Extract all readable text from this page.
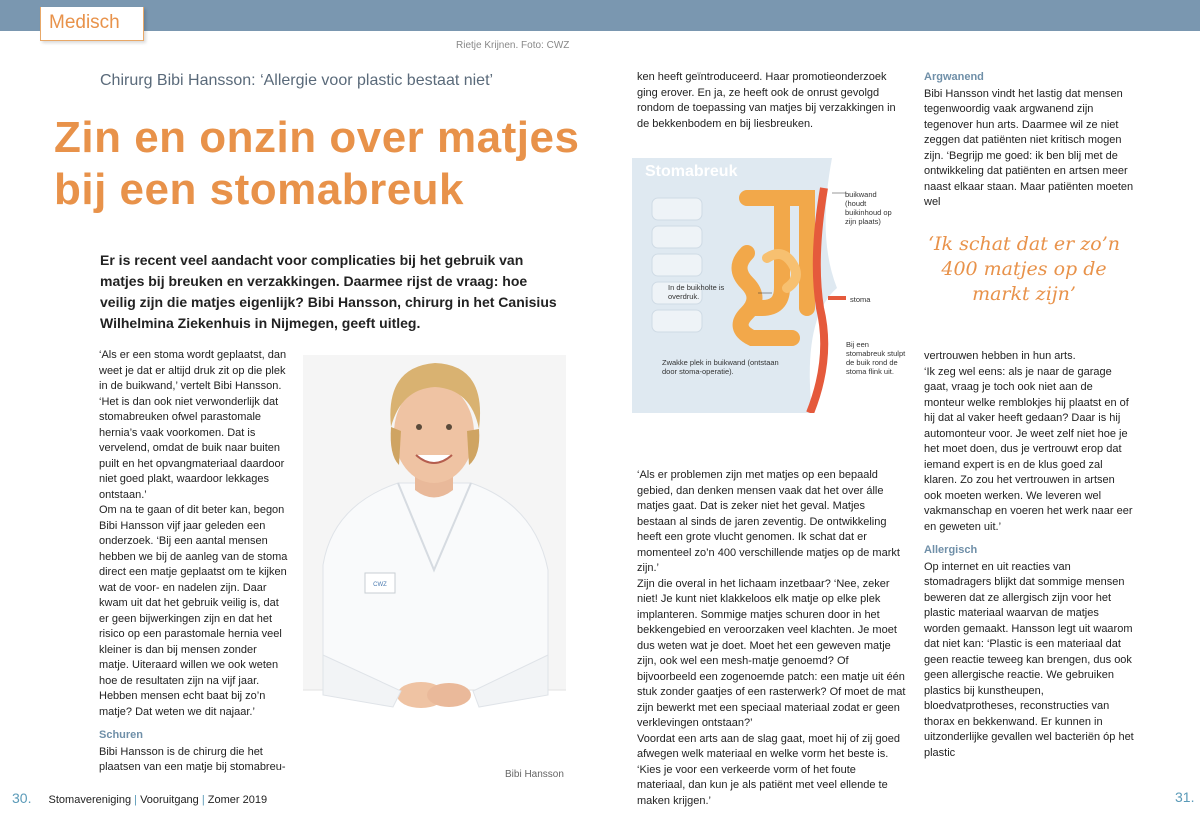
Medisch
Rietje Krijnen. Foto: CWZ
Chirurg Bibi Hansson: ‘Allergie voor plastic bestaat niet’
Zin en onzin over matjes
bij een stomabreuk
Er is recent veel aandacht voor complicaties bij het gebruik van matjes bij breuken en verzakkingen. Daarmee rijst de vraag: hoe veilig zijn die matjes eigenlijk? Bibi Hansson, chirurg in het Canisius Wilhelmina Ziekenhuis in Nijmegen, geeft uitleg.

‘Als er een stoma wordt geplaatst, dan weet je dat er altijd druk zit op die plek in de buikwand,’ vertelt Bibi Hansson. ‘Het is dan ook niet verwonderlijk dat stomabreuken ofwel parastomale hernia’s vaak voorkomen. Dat is vervelend, omdat de buik naar buiten puilt en het opvangmateriaal daardoor niet goed plakt, waardoor lekkages ontstaan.’

Om na te gaan of dit beter kan, begon Bibi Hansson vijf jaar geleden een onderzoek. ‘Bij een aantal mensen hebben we bij de aanleg van de stoma direct een matje geplaatst om te kijken wat de voor- en nadelen zijn. Daar kwam uit dat het gebruik veilig is, dat er geen bijwerkingen zijn en dat het risico op een parastomale hernia veel kleiner is dan bij mensen zonder matje. Uiteraard willen we ook weten hoe de resultaten zijn na vijf jaar. Hebben mensen echt baat bij zo’n matje? Dat weten we dit najaar.’

Schuren

Bibi Hansson is de chirurg die het plaatsen van een matje bij stomabreu-

CWZ
Bibi Hansson

ken heeft geïntroduceerd. Haar promotieonderzoek ging erover. En ja, ze heeft ook de onrust gevolgd rondom de toepassing van matjes bij verzakkingen in de bekkenbodem en bij liesbreuken.

Stomabreuk
buikwand (houdt buikinhoud op zijn plaats)
In de buikholte is overdruk.	stoma
Zwakke plek in buikwand (ontstaan door stoma-operatie).
Bij een stomabreuk stulpt de buik rond de stoma flink uit.

‘Als er problemen zijn met matjes op een bepaald gebied, dan denken mensen vaak dat het over álle matjes gaat. Dat is zeker niet het geval. Matjes bestaan al sinds de jaren zeventig. De ontwikkeling heeft een grote vlucht genomen. Ik schat dat er momenteel zo’n 400 verschillende matjes op de markt zijn.’

Zijn die overal in het lichaam inzetbaar? ‘Nee, zeker niet! Je kunt niet klakkeloos elk matje op elke plek implanteren. Sommige matjes schuren door in het bekkengebied en veroorzaken veel klachten. Je moet dus weten wat je doet. Moet het een geweven matje zijn, ook wel een mesh-matje genoemd? Of bijvoorbeeld een zogenoemde patch: een matje uit één stuk zonder gaatjes of een rasterwerk? Of moet de mat zijn bewerkt met een speciaal materiaal zodat er geen verklevingen ontstaan?’

Voordat een arts aan de slag gaat, moet hij of zij goed afwegen welk materiaal en welke vorm het beste is.

‘Kies je voor een verkeerde vorm of het foute materiaal, dan kun je als patiënt met veel ellende te maken krijgen.’

Argwanend

Bibi Hansson vindt het lastig dat mensen tegenwoordig vaak argwanend zijn tegenover hun arts. Daarmee wil ze niet zeggen dat patiënten niet kritisch mogen zijn. ‘Begrijp me goed: ik ben blij met de ontwikkeling dat patiënten en artsen meer naast elkaar staan. Maar patiënten moeten wel

‘Ik schat dat er zo’n 400 matjes op de markt zijn’

vertrouwen hebben in hun arts.

‘Ik zeg wel eens: als je naar de garage gaat, vraag je toch ook niet aan de monteur welke remblokjes hij plaatst en of hij dat al vaker heeft gedaan? Daar is hij automonteur voor. Je weet zelf niet hoe je het moet doen, dus je vertrouwt erop dat iemand expert is en de klus goed zal klaren. Zo zou het vertrouwen in artsen ook moeten werken. We leveren wel vakmanschap en voeren het werk naar eer en geweten uit.’

Allergisch

Op internet en uit reacties van stomadragers blijkt dat sommige mensen beweren dat ze allergisch zijn voor het plastic materiaal waarvan de matjes worden gemaakt. Hansson legt uit waarom dat niet kan: ‘Plastic is een materiaal dat geen reactie teweeg kan brengen, dus ook geen allergische reactie. We gebruiken plastics bij kunstheupen, bloedvatprotheses, reconstructies van thorax en bekkenwand. Er kunnen in uitzonderlijke gevallen wel bacteriën óp het plastic

30. Stomavereniging | Vooruitgang | Zomer 2019	31.
